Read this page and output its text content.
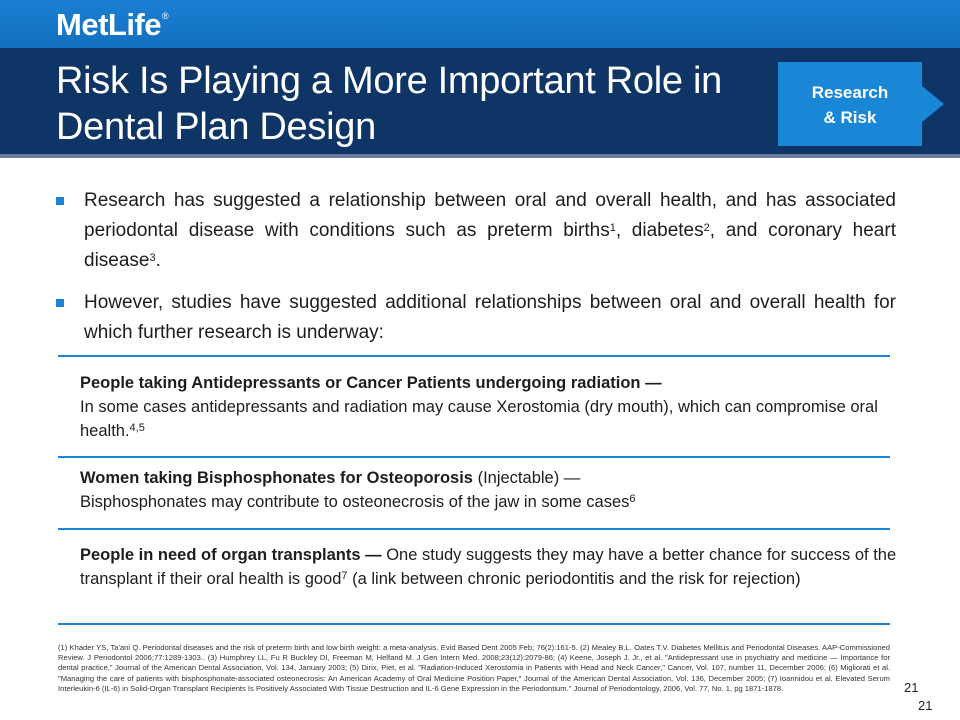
MetLife®
Risk Is Playing a More Important Role in
Dental Plan Design
Research
& Risk
Research has suggested a relationship between oral and overall health, and has associated periodontal disease with conditions such as preterm births$^1$, diabetes$^2$, and coronary heart disease$^3$.
However, studies have suggested additional relationships between oral and overall health for which further research is underway:
People taking Antidepressants or Cancer Patients undergoing radiation —
In some cases antidepressants and radiation may cause Xerostomia (dry mouth), which can compromise oral health.$^{4,5}$
Women taking Bisphosphonates for Osteoporosis (Injectable) —
Bisphosphonates may contribute to osteonecrosis of the jaw in some cases$^6$
People in need of organ transplants — One study suggests they may have a better chance for success of the transplant if their oral health is good$^7$ (a link between chronic periodontitis and the risk for rejection)
(1) Khader YS, Ta'ani Q. Periodontal diseases and the risk of preterm birth and low birth weight: a meta-analysis. Evid Based Dent 2005 Feb; 76(2):161-5. (2) Mealey B.L. Oates T.V. Diabetes Mellitus and Periodontal Diseases. AAP-Commissioned Review. J Periodontol 2006;77:1289-1303.. (3) Humphrey LL, Fu R Buckley DI, Freeman M, Helfand M. J Gen Intern Med. 2008;23(12):2079-86; (4) Keene, Joseph J. Jr., et al. "Antidepressant use in psychiatry and medicine — Importance for dental practice," Journal of the American Dental Association, Vol. 134, January 2003; (5) Dirix, Piet, et al. "Radiation-Induced Xerostomia in Patients with Head and Neck Cancer," Cancer, Vol. 107, number 11, December 2006; (6) Migliorati et al. "Managing the care of patients with bisphosphonate-associated osteonecrosis: An American Academy of Oral Medicine Position Paper," Journal of the American Dental Association, Vol. 136, December 2005; (7) Ioannidou et al. Elevated Serum Interleukin-6 (IL-6) in Solid-Organ Transplant Recipients Is Positively Associated With Tissue Destruction and IL-6 Gene Expression in the Periodontium." Journal of Periodontology, 2006, Vol. 77, No. 1, pg 1871-1878.	21
21
